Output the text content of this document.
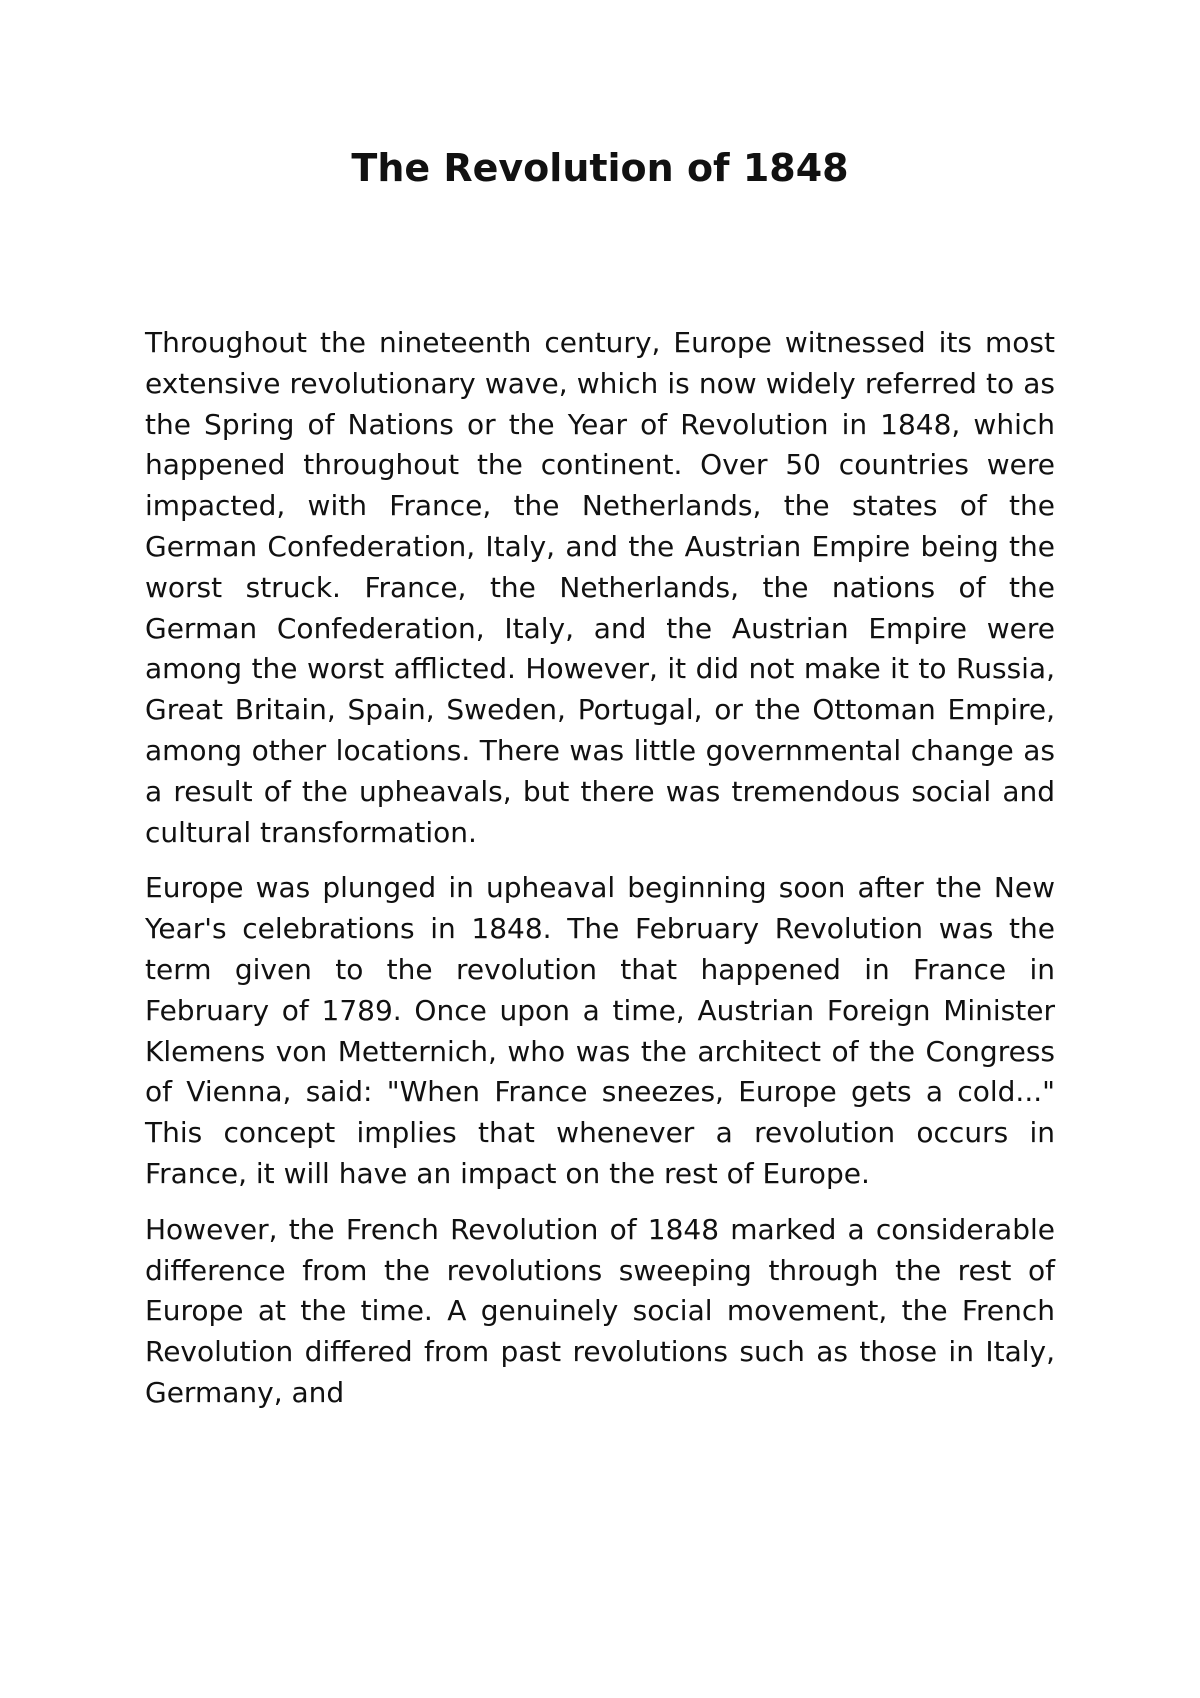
The Revolution of 1848

Throughout the nineteenth century, Europe witnessed its most extensive revolutionary wave, which is now widely referred to as the Spring of Nations or the Year of Revolution in 1848, which happened throughout the continent. Over 50 countries were impacted, with France, the Netherlands, the states of the German Confederation, Italy, and the Austrian Empire being the worst struck. France, the Netherlands, the nations of the German Confederation, Italy, and the Austrian Empire were among the worst afflicted. However, it did not make it to Russia, Great Britain, Spain, Sweden, Portugal, or the Ottoman Empire, among other locations. There was little governmental change as a result of the upheavals, but there was tremendous social and cultural transformation.

Europe was plunged in upheaval beginning soon after the New Year's celebrations in 1848. The February Revolution was the term given to the revolution that happened in France in February of 1789. Once upon a time, Austrian Foreign Minister Klemens von Metternich, who was the architect of the Congress of Vienna, said: "When France sneezes, Europe gets a cold..." This concept implies that whenever a revolution occurs in France, it will have an impact on the rest of Europe.

However, the French Revolution of 1848 marked a considerable difference from the revolutions sweeping through the rest of Europe at the time. A genuinely social movement, the French Revolution differed from past revolutions such as those in Italy, Germany, and
